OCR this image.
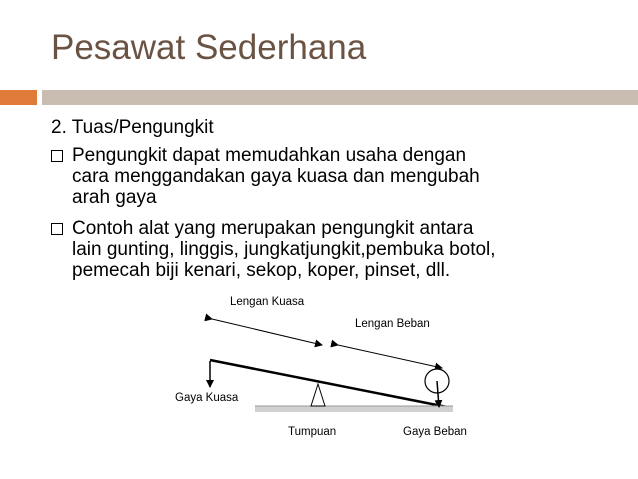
Pesawat Sederhana
2. Tuas/Pengungkit
Pengungkit dapat memudahkan usaha dengan
cara menggandakan gaya kuasa dan mengubah
arah gaya
Contoh alat yang merupakan pengungkit antara
lain gunting, linggis, jungkatjungkit,pembuka botol,
pemecah biji kenari, sekop, koper, pinset, dll.
Lengan Kuasa
Lengan Beban
Gaya Kuasa
Tumpuan	Gaya Beban
